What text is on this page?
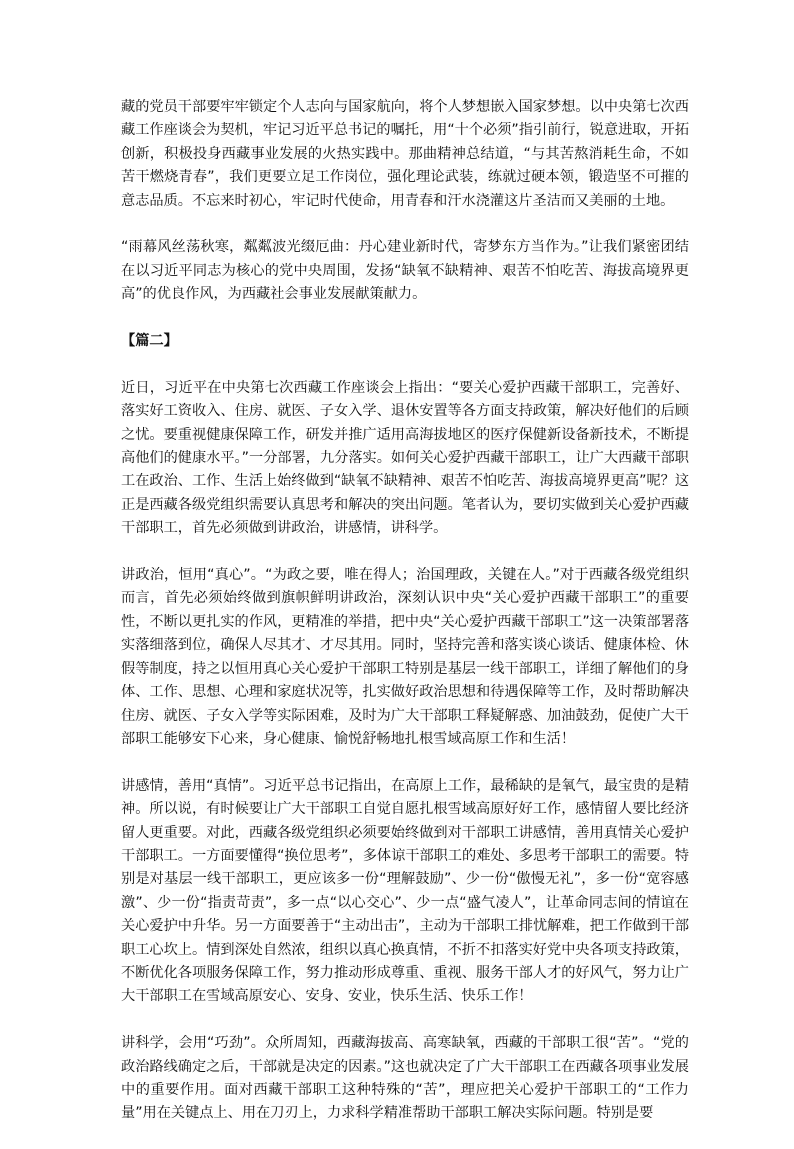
藏的党员干部要牢牢锁定个人志向与国家航向，将个人梦想嵌入国家梦想。以中央第七次西藏工作座谈会为契机，牢记习近平总书记的嘱托，用“十个必须”指引前行，锐意进取，开拓创新，积极投身西藏事业发展的火热实践中。那曲精神总结道，“与其苦熬消耗生命，不如苦干燃烧青春”，我们更要立足工作岗位，强化理论武装，练就过硬本领，锻造坚不可摧的意志品质。不忘来时初心，牢记时代使命，用青春和汗水浇灌这片圣洁而又美丽的土地。

“雨幕风丝荡秋寒，粼粼波光缀厄曲：丹心建业新时代，寄梦东方当作为。”让我们紧密团结在以习近平同志为核心的党中央周围，发扬“缺氧不缺精神、艰苦不怕吃苦、海拔高境界更高”的优良作风，为西藏社会事业发展献策献力。

【篇二】

近日，习近平在中央第七次西藏工作座谈会上指出：“要关心爱护西藏干部职工，完善好、落实好工资收入、住房、就医、子女入学、退休安置等各方面支持政策，解决好他们的后顾之忧。要重视健康保障工作，研发并推广适用高海拔地区的医疗保健新设备新技术，不断提高他们的健康水平。”一分部署，九分落实。如何关心爱护西藏干部职工，让广大西藏干部职工在政治、工作、生活上始终做到“缺氧不缺精神、艰苦不怕吃苦、海拔高境界更高”呢？这正是西藏各级党组织需要认真思考和解决的突出问题。笔者认为，要切实做到关心爱护西藏干部职工，首先必须做到讲政治，讲感情，讲科学。

讲政治，恒用“真心”。“为政之要，唯在得人；治国理政，关键在人。”对于西藏各级党组织而言，首先必须始终做到旗帜鲜明讲政治，深刻认识中央“关心爱护西藏干部职工”的重要性，不断以更扎实的作风，更精准的举措，把中央“关心爱护西藏干部职工”这一决策部署落实落细落到位，确保人尽其才、才尽其用。同时，坚持完善和落实谈心谈话、健康体检、休假等制度，持之以恒用真心关心爱护干部职工特别是基层一线干部职工，详细了解他们的身体、工作、思想、心理和家庭状况等，扎实做好政治思想和待遇保障等工作，及时帮助解决住房、就医、子女入学等实际困难，及时为广大干部职工释疑解惑、加油鼓劲，促使广大干部职工能够安下心来，身心健康、愉悦舒畅地扎根雪域高原工作和生活！

讲感情，善用“真情”。习近平总书记指出，在高原上工作，最稀缺的是氧气，最宝贵的是精神。所以说，有时候要让广大干部职工自觉自愿扎根雪域高原好好工作，感情留人要比经济留人更重要。对此，西藏各级党组织必须要始终做到对干部职工讲感情，善用真情关心爱护干部职工。一方面要懂得“换位思考”，多体谅干部职工的难处、多思考干部职工的需要。特别是对基层一线干部职工，更应该多一份“理解鼓励”、少一份“傲慢无礼”，多一份“宽容感激”、少一份“指责苛责”，多一点“以心交心”、少一点“盛气凌人”，让革命同志间的情谊在关心爱护中升华。另一方面要善于“主动出击”，主动为干部职工排忧解难，把工作做到干部职工心坎上。情到深处自然浓，组织以真心换真情，不折不扣落实好党中央各项支持政策，不断优化各项服务保障工作，努力推动形成尊重、重视、服务干部人才的好风气，努力让广大干部职工在雪域高原安心、安身、安业，快乐生活、快乐工作！

讲科学，会用“巧劲”。众所周知，西藏海拔高、高寒缺氧，西藏的干部职工很“苦”。“党的政治路线确定之后，干部就是决定的因素。”这也就决定了广大干部职工在西藏各项事业发展中的重要作用。面对西藏干部职工这种特殊的“苦”，理应把关心爱护干部职工的“工作力量”用在关键点上、用在刀刃上，力求科学精准帮助干部职工解决实际问题。特别是要
